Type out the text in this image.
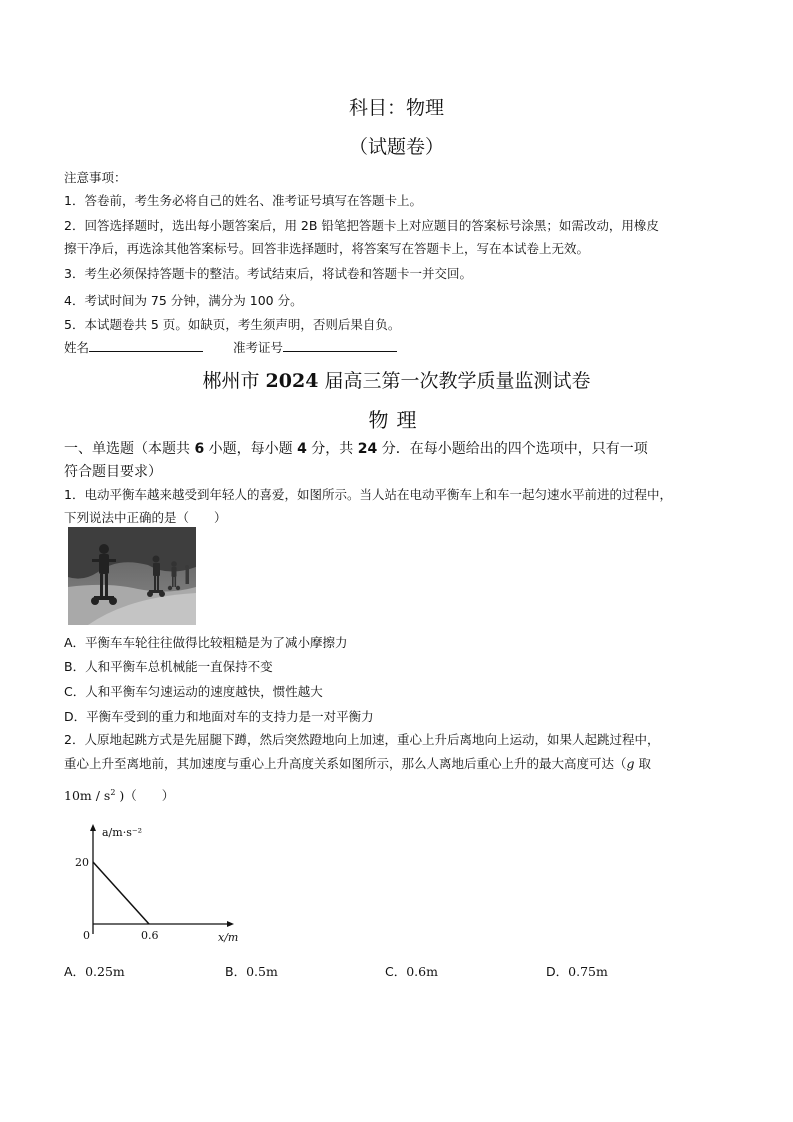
科目：物理
（试题卷）
注意事项：
1．答卷前，考生务必将自己的姓名、准考证号填写在答题卡上。
2．回答选择题时，选出每小题答案后，用 2B 铅笔把答题卡上对应题目的答案标号涂黑；如需改动，用橡皮
擦干净后，再选涂其他答案标号。回答非选择题时，将答案写在答题卡上，写在本试卷上无效。
3．考生必须保持答题卡的整洁。考试结束后，将试卷和答题卡一并交回。
4．考试时间为 75 分钟，满分为 100 分。
5．本试题卷共 5 页。如缺页，考生须声明，否则后果自负。
姓名	准考证号
郴州市 2024 届高三第一次教学质量监测试卷
物理
一、单选题（本题共 6 小题，每小题 4 分，共 24 分．在每小题给出的四个选项中，只有一项
符合题目要求）
1．电动平衡车越来越受到年轻人的喜爱，如图所示。当人站在电动平衡车上和车一起匀速水平前进的过程中，
下列说法中正确的是（　　）
A．平衡车车轮往往做得比较粗糙是为了减小摩擦力
B．人和平衡车总机械能一直保持不变
C．人和平衡车匀速运动的速度越快，惯性越大
D．平衡车受到的重力和地面对车的支持力是一对平衡力
2．人原地起跳方式是先屈腿下蹲，然后突然蹬地向上加速，重心上升后离地向上运动，如果人起跳过程中，
重心上升至离地前，其加速度与重心上升高度关系如图所示，那么人离地后重心上升的最大高度可达（g 取
$10m / s^2$ )（　　）
a/m·s⁻²
20
0	0.6	x/m
A．0.25m	B．0.5m	C．0.6m	D．0.75m
